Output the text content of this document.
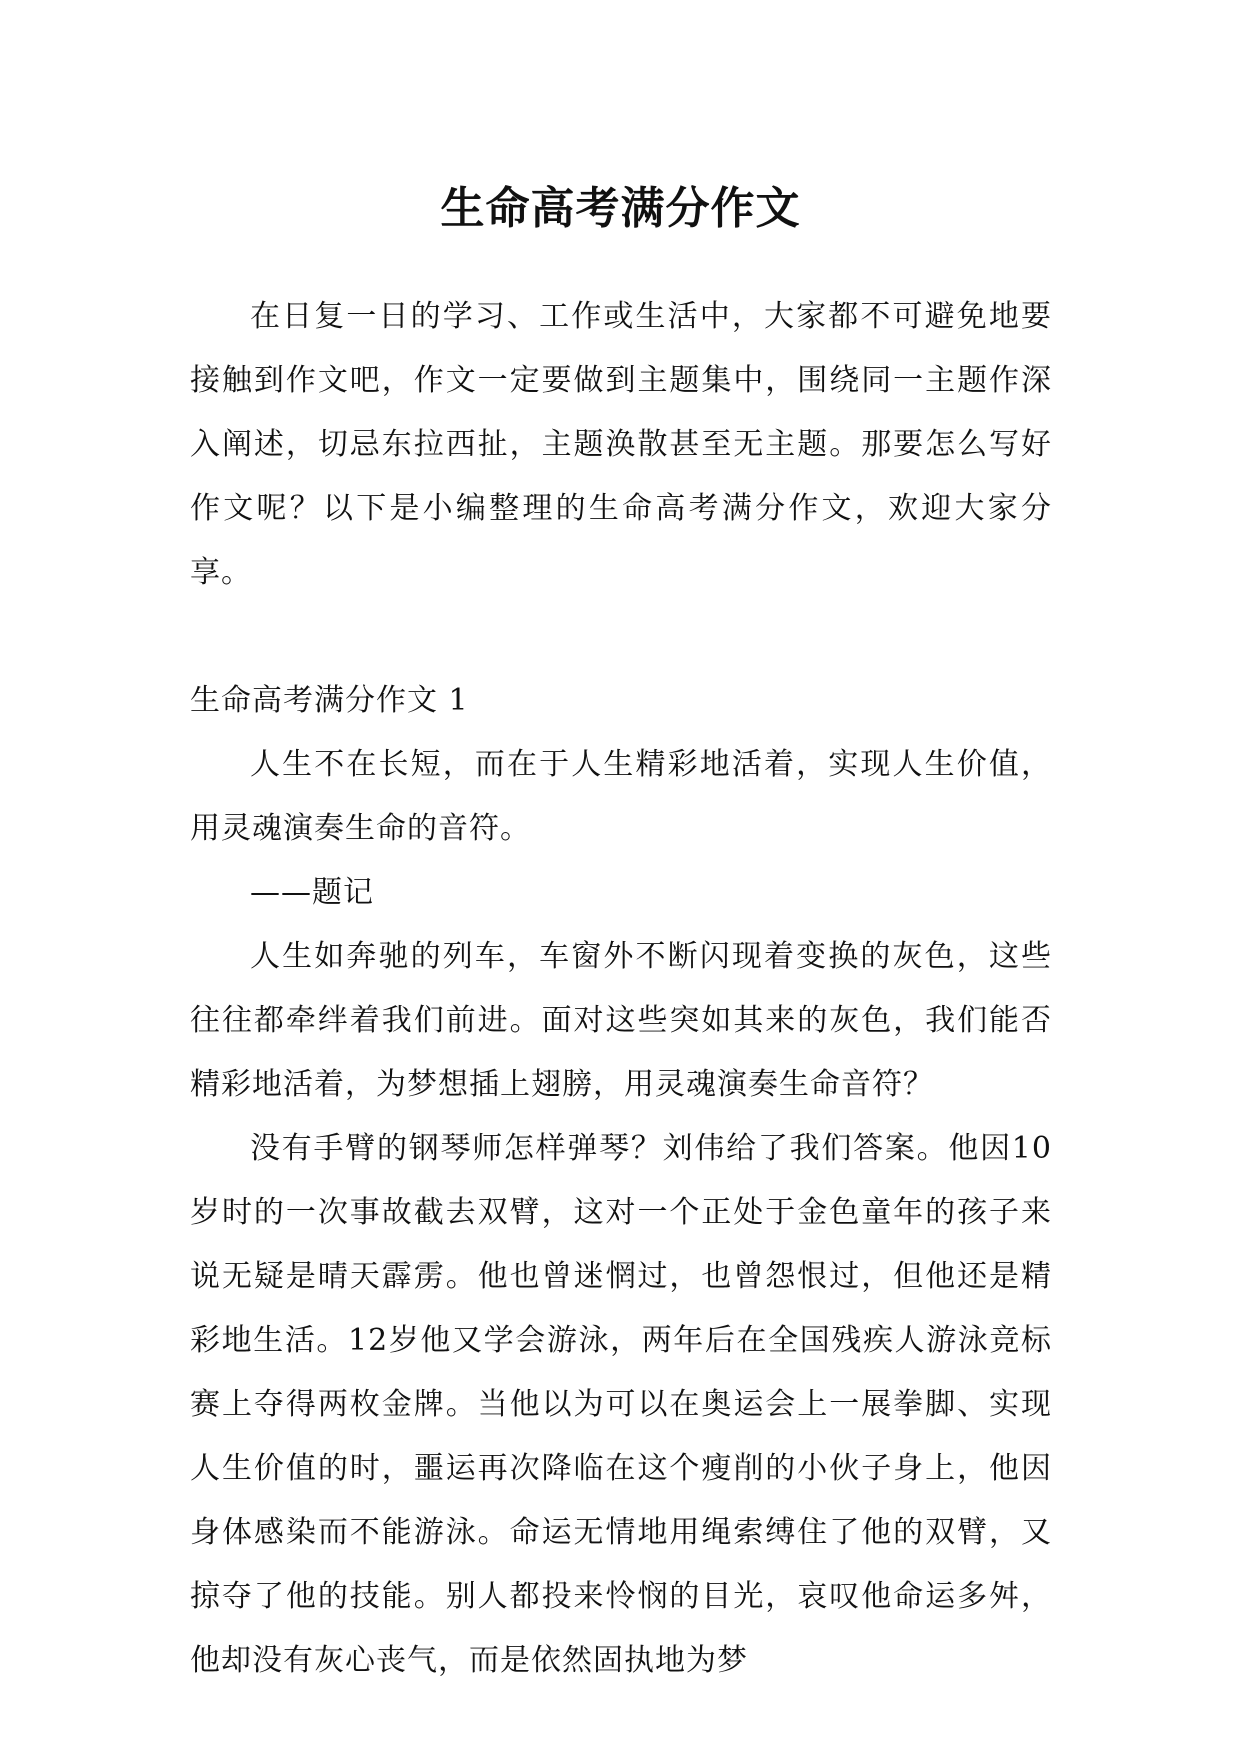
生命高考满分作文

在日复一日的学习、工作或生活中，大家都不可避免地要接触到作文吧，作文一定要做到主题集中，围绕同一主题作深入阐述，切忌东拉西扯，主题涣散甚至无主题。那要怎么写好作文呢？以下是小编整理的生命高考满分作文，欢迎大家分享。

生命高考满分作文 1

人生不在长短，而在于人生精彩地活着，实现人生价值，用灵魂演奏生命的音符。

——题记

人生如奔驰的列车，车窗外不断闪现着变换的灰色，这些往往都牵绊着我们前进。面对这些突如其来的灰色，我们能否精彩地活着，为梦想插上翅膀，用灵魂演奏生命音符？

没有手臂的钢琴师怎样弹琴？刘伟给了我们答案。他因10岁时的一次事故截去双臂，这对一个正处于金色童年的孩子来说无疑是晴天霹雳。他也曾迷惘过，也曾怨恨过，但他还是精彩地生活。12岁他又学会游泳，两年后在全国残疾人游泳竞标赛上夺得两枚金牌。当他以为可以在奥运会上一展拳脚、实现人生价值的时，噩运再次降临在这个瘦削的小伙子身上，他因身体感染而不能游泳。命运无情地用绳索缚住了他的双臂，又掠夺了他的技能。别人都投来怜悯的目光，哀叹他命运多舛，他却没有灰心丧气，而是依然固执地为梦
